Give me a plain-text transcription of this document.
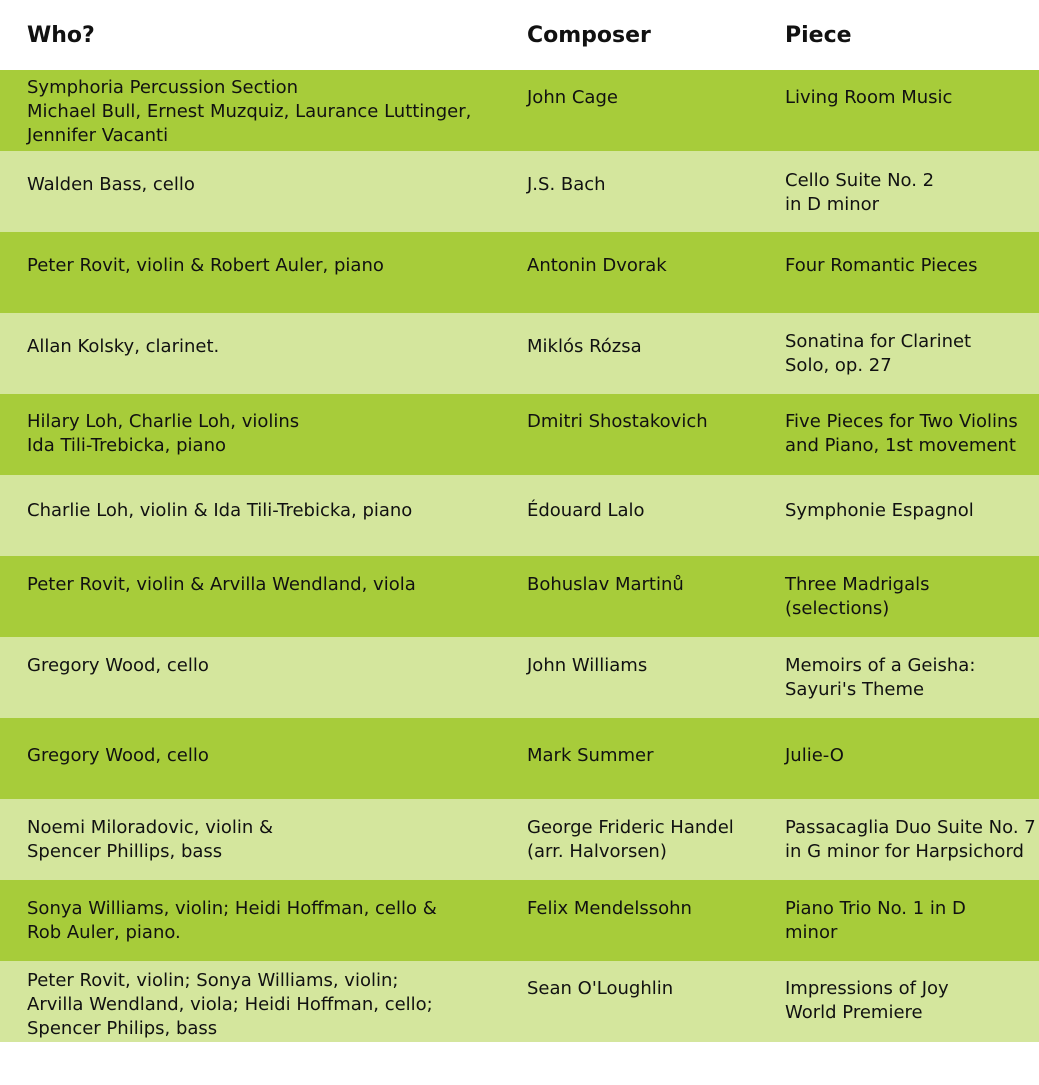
Who?	Composer	Piece

Symphoria Percussion Section
Michael Bull, Ernest Muzquiz, Laurance Luttinger,
Jennifer Vacanti	John Cage	Living Room Music

Walden Bass, cello	J.S. Bach	Cello Suite No. 2
in D minor

Peter Rovit, violin & Robert Auler, piano	Antonin Dvorak	Four Romantic Pieces

Allan Kolsky, clarinet.	Miklós Rózsa	Sonatina for Clarinet
Solo, op. 27

Hilary Loh, Charlie Loh, violins
Ida Tili-Trebicka, piano	Dmitri Shostakovich	Five Pieces for Two Violins
and Piano, 1st movement

Charlie Loh, violin & Ida Tili-Trebicka, piano	Édouard Lalo	Symphonie Espagnol

Peter Rovit, violin & Arvilla Wendland, viola	Bohuslav Martinů	Three Madrigals
(selections)

Gregory Wood, cello	John Williams	Memoirs of a Geisha:
Sayuri's Theme

Gregory Wood, cello	Mark Summer	Julie-O

Noemi Miloradovic, violin &
Spencer Phillips, bass	George Frideric Handel
(arr. Halvorsen)	Passacaglia Duo Suite No. 7
in G minor for Harpsichord

Sonya Williams, violin; Heidi Hoffman, cello &
Rob Auler, piano.	Felix Mendelssohn	Piano Trio No. 1 in D
minor

Peter Rovit, violin; Sonya Williams, violin;
Arvilla Wendland, viola; Heidi Hoffman, cello;
Spencer Philips, bass	Sean O'Loughlin	Impressions of Joy
World Premiere
